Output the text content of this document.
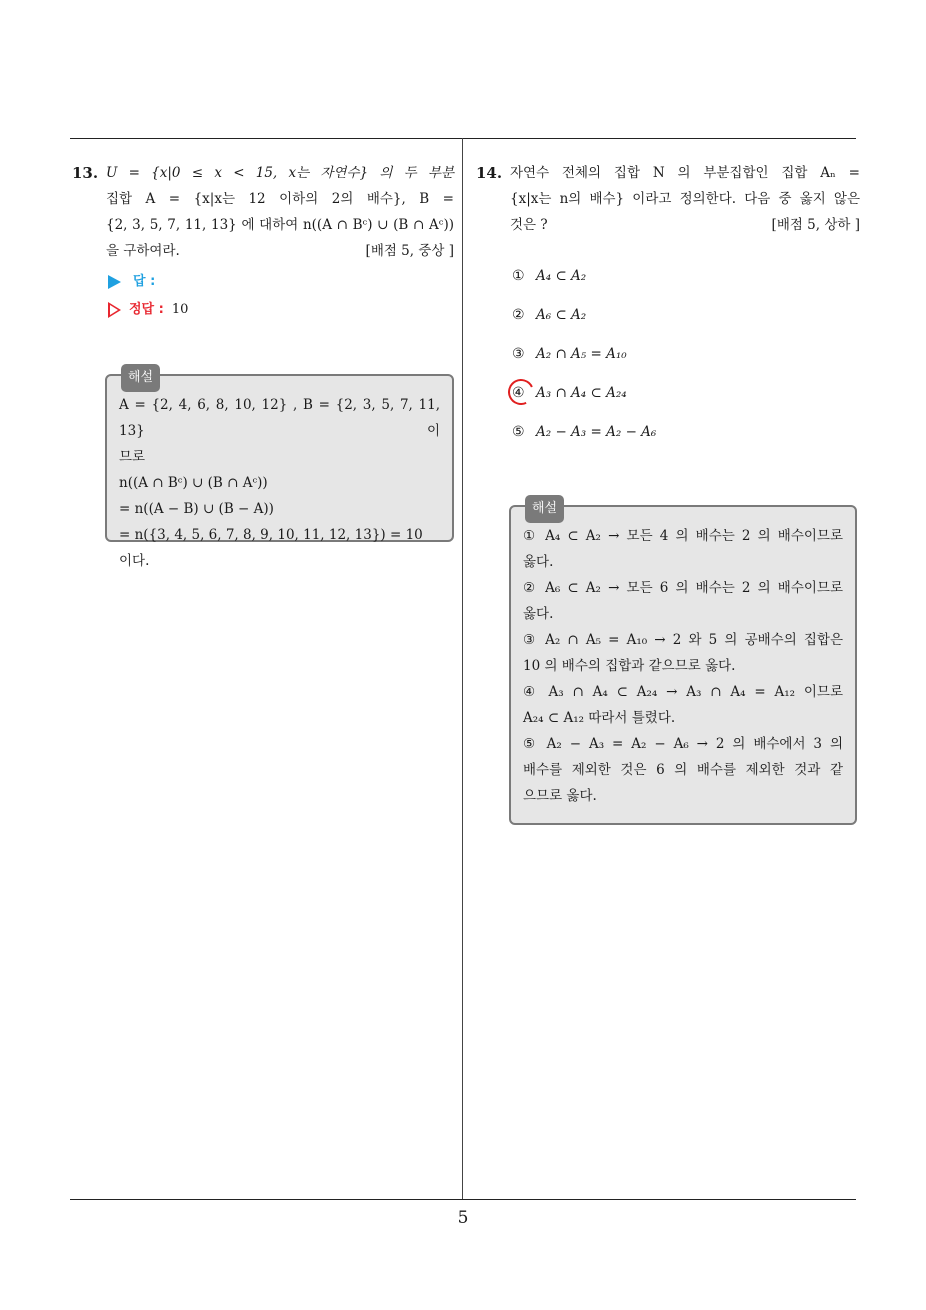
5
13. U = {x|0 ≤ x < 15, x는 자연수} 의 두 부분
집합 A = {x|x는 12 이하의 2의 배수}, B =
{2, 3, 5, 7, 11, 13} 에 대하여 n((A ∩ Bᶜ) ∪ (B ∩ Aᶜ))
을 구하여라.	[배점 5, 중상 ]
답 :
정답 : 10
해설
A = {2, 4, 6, 8, 10, 12} , B = {2, 3, 5, 7, 11, 13} 이
므로
n((A ∩ Bᶜ) ∪ (B ∩ Aᶜ))
= n((A − B) ∪ (B − A))
= n({3, 4, 5, 6, 7, 8, 9, 10, 11, 12, 13}) = 10 이다.
14. 자연수 전체의 집합 N 의 부분집합인 집합 Aₙ =
{x|x는 n의 배수} 이라고 정의한다. 다음 중 옳지 않은
것은 ?	[배점 5, 상하 ]
① A₄ ⊂ A₂
② A₆ ⊂ A₂
③ A₂ ∩ A₅ = A₁₀
④ A₃ ∩ A₄ ⊂ A₂₄
⑤ A₂ − A₃ = A₂ − A₆
해설
① A₄ ⊂ A₂ → 모든 4 의 배수는 2 의 배수이므로
옳다.
② A₆ ⊂ A₂ → 모든 6 의 배수는 2 의 배수이므로
옳다.
③ A₂ ∩ A₅ = A₁₀ → 2 와 5 의 공배수의 집합은
10 의 배수의 집합과 같으므로 옳다.
④ A₃ ∩ A₄ ⊂ A₂₄ → A₃ ∩ A₄ = A₁₂ 이므로
A₂₄ ⊂ A₁₂ 따라서 틀렸다.
⑤ A₂ − A₃ = A₂ − A₆ → 2 의 배수에서 3 의
배수를 제외한 것은 6 의 배수를 제외한 것과 같
으므로 옳다.
